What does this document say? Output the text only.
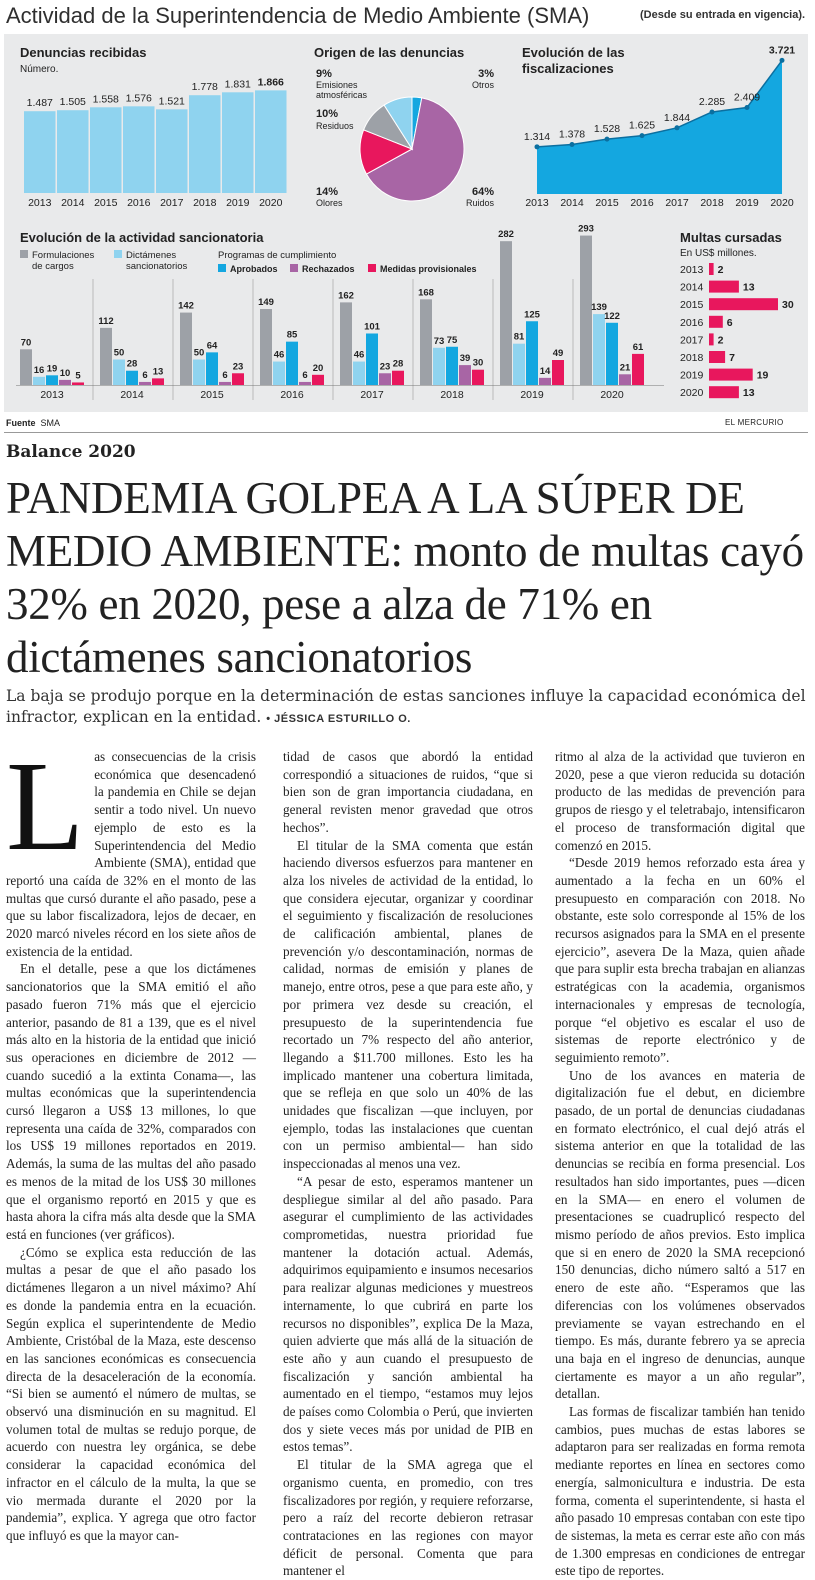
Actividad de la Superintendencia de Medio Ambiente (SMA)	(Desde su entrada en vigencia).
Denuncias recibidas
Número.
1.487
2013
1.505
2014
1.558
2015
1.576
2016
1.521
2017
1.778
2018
1.831
2019
1.866
2020
Origen de las denuncias
9%
Emisiones
atmosféricas
10%
Residuos
3%
Otros
14%
Olores
64%
Ruidos
Evolución de las
fiscalizaciones
1.314
2013
1.378
2014
1.528
2015
1.625
2016
1.844
2017
2.285
2018
2.409
2019
3.721
2020
Evolución de la actividad sancionatoria
Formulaciones
de cargos
Dictámenes
sancionatorios
Programas de cumplimiento
Aprobados	Rechazados	Medidas provisionales
70
16 19 10 5
2013
112
50
28
6 13
2014
142
50
64
6
23
2015
149
46
85
6
20
2016
162
46
101
23 28
2017
168
73 75
39 30
2018
282
81
125
14
49
2019
293
139
122
21
61
2020
Multas cursadas
En US$ millones.
2013 2
2014	13
2015	30
2016 6
2017 2
2018 7
2019	19
2020	13
Fuente SMA	EL MERCURIO
Balance 2020
PANDEMIA GOLPEA A LA SÚPER DE MEDIO AMBIENTE: monto de multas cayó 32% en 2020, pese a alza de 71% en dictámenes sancionatorios
La baja se produjo porque en la determinación de estas sanciones influye la capacidad económica del infractor, explican en la entidad. • JÉSSICA ESTURILLO O.
L as consecuencias de la crisis económica que desencadenó la pandemia en Chile se dejan sentir a todo nivel. Un nuevo ejemplo de esto es la Superintendencia del Medio Ambiente (SMA), entidad que reportó una caída de 32% en el monto de las multas que cursó durante el año pasado, pese a que su labor fiscalizadora, lejos de decaer, en 2020 marcó niveles récord en los siete años de existencia de la entidad.

En el detalle, pese a que los dictámenes sancionatorios que la SMA emitió el año pasado fueron 71% más que el ejercicio anterior, pasando de 81 a 139, que es el nivel más alto en la historia de la entidad que inició sus operaciones en diciembre de 2012 —cuando sucedió a la extinta Conama—, las multas económicas que la superintendencia cursó llegaron a US$ 13 millones, lo que representa una caída de 32%, comparados con los US$ 19 millones reportados en 2019. Además, la suma de las multas del año pasado es menos de la mitad de los US$ 30 millones que el organismo reportó en 2015 y que es hasta ahora la cifra más alta desde que la SMA está en funciones (ver gráficos).

¿Cómo se explica esta reducción de las multas a pesar de que el año pasado los dictámenes llegaron a un nivel máximo? Ahí es donde la pandemia entra en la ecuación. Según explica el superintendente de Medio Ambiente, Cristóbal de la Maza, este descenso en las sanciones económicas es consecuencia directa de la desaceleración de la economía. “Si bien se aumentó el número de multas, se observó una disminución en su magnitud. El volumen total de multas se redujo porque, de acuerdo con nuestra ley orgánica, se debe considerar la capacidad económica del infractor en el cálculo de la multa, la que se vio mermada durante el 2020 por la pandemia”, explica. Y agrega que otro factor que influyó es que la mayor can-

tidad de casos que abordó la entidad correspondió a situaciones de ruidos, “que si bien son de gran importancia ciudadana, en general revisten menor gravedad que otros hechos”.

El titular de la SMA comenta que están haciendo diversos esfuerzos para mantener en alza los niveles de actividad de la entidad, lo que considera ejecutar, organizar y coordinar el seguimiento y fiscalización de resoluciones de calificación ambiental, planes de prevención y/o descontaminación, normas de calidad, normas de emisión y planes de manejo, entre otros, pese a que para este año, y por primera vez desde su creación, el presupuesto de la superintendencia fue recortado un 7% respecto del año anterior, llegando a $11.700 millones. Esto les ha implicado mantener una cobertura limitada, que se refleja en que solo un 40% de las unidades que fiscalizan —que incluyen, por ejemplo, todas las instalaciones que cuentan con un permiso ambiental— han sido inspeccionadas al menos una vez.

“A pesar de esto, esperamos mantener un despliegue similar al del año pasado. Para asegurar el cumplimiento de las actividades comprometidas, nuestra prioridad fue mantener la dotación actual. Además, adquirimos equipamiento e insumos necesarios para realizar algunas mediciones y muestreos internamente, lo que cubrirá en parte los recursos no disponibles”, explica De la Maza, quien advierte que más allá de la situación de este año y aun cuando el presupuesto de fiscalización y sanción ambiental ha aumentado en el tiempo, “estamos muy lejos de países como Colombia o Perú, que invierten dos y siete veces más por unidad de PIB en estos temas”.

El titular de la SMA agrega que el organismo cuenta, en promedio, con tres fiscalizadores por región, y requiere reforzarse, pero a raíz del recorte debieron retrasar contrataciones en las regiones con mayor déficit de personal. Comenta que para mantener el

ritmo al alza de la actividad que tuvieron en 2020, pese a que vieron reducida su dotación producto de las medidas de prevención para grupos de riesgo y el teletrabajo, intensificaron el proceso de transformación digital que comenzó en 2015.

“Desde 2019 hemos reforzado esta área y aumentado a la fecha en un 60% el presupuesto en comparación con 2018. No obstante, este solo corresponde al 15% de los recursos asignados para la SMA en el presente ejercicio”, asevera De la Maza, quien añade que para suplir esta brecha trabajan en alianzas estratégicas con la academia, organismos internacionales y empresas de tecnología, porque “el objetivo es escalar el uso de sistemas de reporte electrónico y de seguimiento remoto”.

Uno de los avances en materia de digitalización fue el debut, en diciembre pasado, de un portal de denuncias ciudadanas en formato electrónico, el cual dejó atrás el sistema anterior en que la totalidad de las denuncias se recibía en forma presencial. Los resultados han sido importantes, pues —dicen en la SMA— en enero el volumen de presentaciones se cuadruplicó respecto del mismo período de años previos. Esto implica que si en enero de 2020 la SMA recepcionó 150 denuncias, dicho número saltó a 517 en enero de este año. “Esperamos que las diferencias con los volúmenes observados previamente se vayan estrechando en el tiempo. Es más, durante febrero ya se aprecia una baja en el ingreso de denuncias, aunque ciertamente es mayor a un año regular”, detallan.

Las formas de fiscalizar también han tenido cambios, pues muchas de estas labores se adaptaron para ser realizadas en forma remota mediante reportes en línea en sectores como energía, salmonicultura e industria. De esta forma, comenta el superintendente, si hasta el año pasado 10 empresas contaban con este tipo de sistemas, la meta es cerrar este año con más de 1.300 empresas en condiciones de entregar este tipo de reportes.
